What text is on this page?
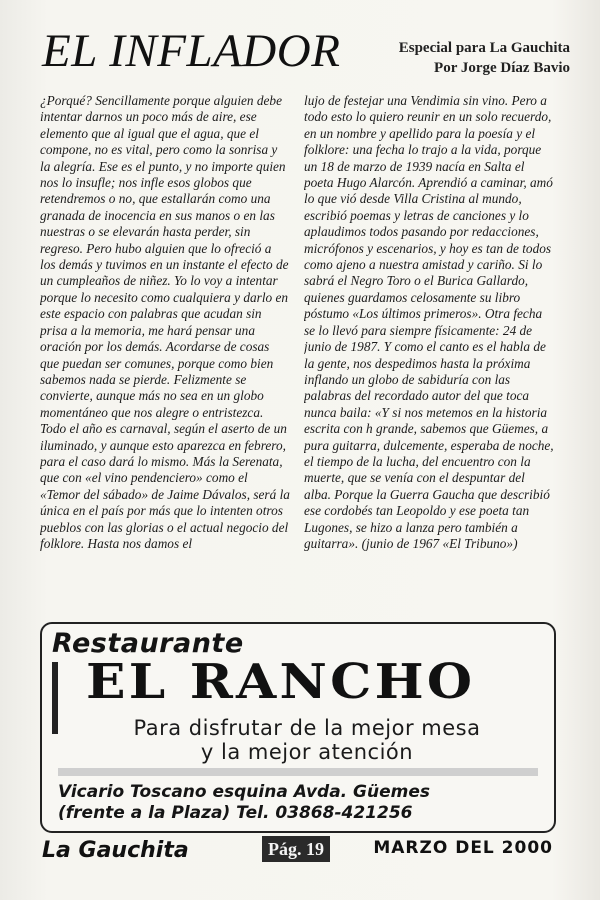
EL INFLADOR	Especial para La Gauchita
Por Jorge Díaz Bavio

¿Porqué? Sencillamente porque alguien debe intentar darnos un poco más de aire, ese elemento que al igual que el agua, que el compone, no es vital, pero como la sonrisa y la alegría. Ese es el punto, y no importe quien nos lo insufle; nos infle esos globos que retendremos o no, que estallarán como una granada de inocencia en sus manos o en las nuestras o se elevarán hasta perder, sin regreso. Pero hubo alguien que lo ofreció a los demás y tuvimos en un instante el efecto de un cumpleaños de niñez. Yo lo voy a intentar porque lo necesito como cualquiera y darlo en este espacio con palabras que acudan sin prisa a la memoria, me hará pensar una oración por los demás. Acordarse de cosas que puedan ser comunes, porque como bien sabemos nada se pierde. Felizmente se convierte, aunque más no sea en un globo momentáneo que nos alegre o entristezca. Todo el año es carnaval, según el aserto de un iluminado, y aunque esto aparezca en febrero, para el caso dará lo mismo. Más la Serenata, que con «el vino pendenciero» como el «Temor del sábado» de Jaime Dávalos, será la única en el país por más que lo intenten otros pueblos con las glorias o el actual negocio del folklore. Hasta nos damos el

lujo de festejar una Vendimia sin vino. Pero a todo esto lo quiero reunir en un solo recuerdo, en un nombre y apellido para la poesía y el folklore: una fecha lo trajo a la vida, porque un 18 de marzo de 1939 nacía en Salta el poeta Hugo Alarcón. Aprendió a caminar, amó lo que vió desde Villa Cristina al mundo, escribió poemas y letras de canciones y lo aplaudimos todos pasando por redacciones, micrófonos y escenarios, y hoy es tan de todos como ajeno a nuestra amistad y cariño. Si lo sabrá el Negro Toro o el Burica Gallardo, quienes guardamos celosamente su libro póstumo «Los últimos primeros». Otra fecha se lo llevó para siempre físicamente: 24 de junio de 1987. Y como el canto es el habla de la gente, nos despedimos hasta la próxima inflando un globo de sabiduría con las palabras del recordado autor del que toca nunca baila: «Y si nos metemos en la historia escrita con h grande, sabemos que Güemes, a pura guitarra, dulcemente, esperaba de noche, el tiempo de la lucha, del encuentro con la muerte, que se venía con el despuntar del alba. Porque la Guerra Gaucha que describió ese cordobés tan Leopoldo y ese poeta tan Lugones, se hizo a lanza pero también a guitarra». (junio de 1967 «El Tribuno»)

Restaurante
EL RANCHO
Para disfrutar de la mejor mesa
y la mejor atención
Vicario Toscano esquina Avda. Güemes
(frente a la Plaza) Tel. 03868-421256
La Gauchita	Pág. 19	MARZO DEL 2000
